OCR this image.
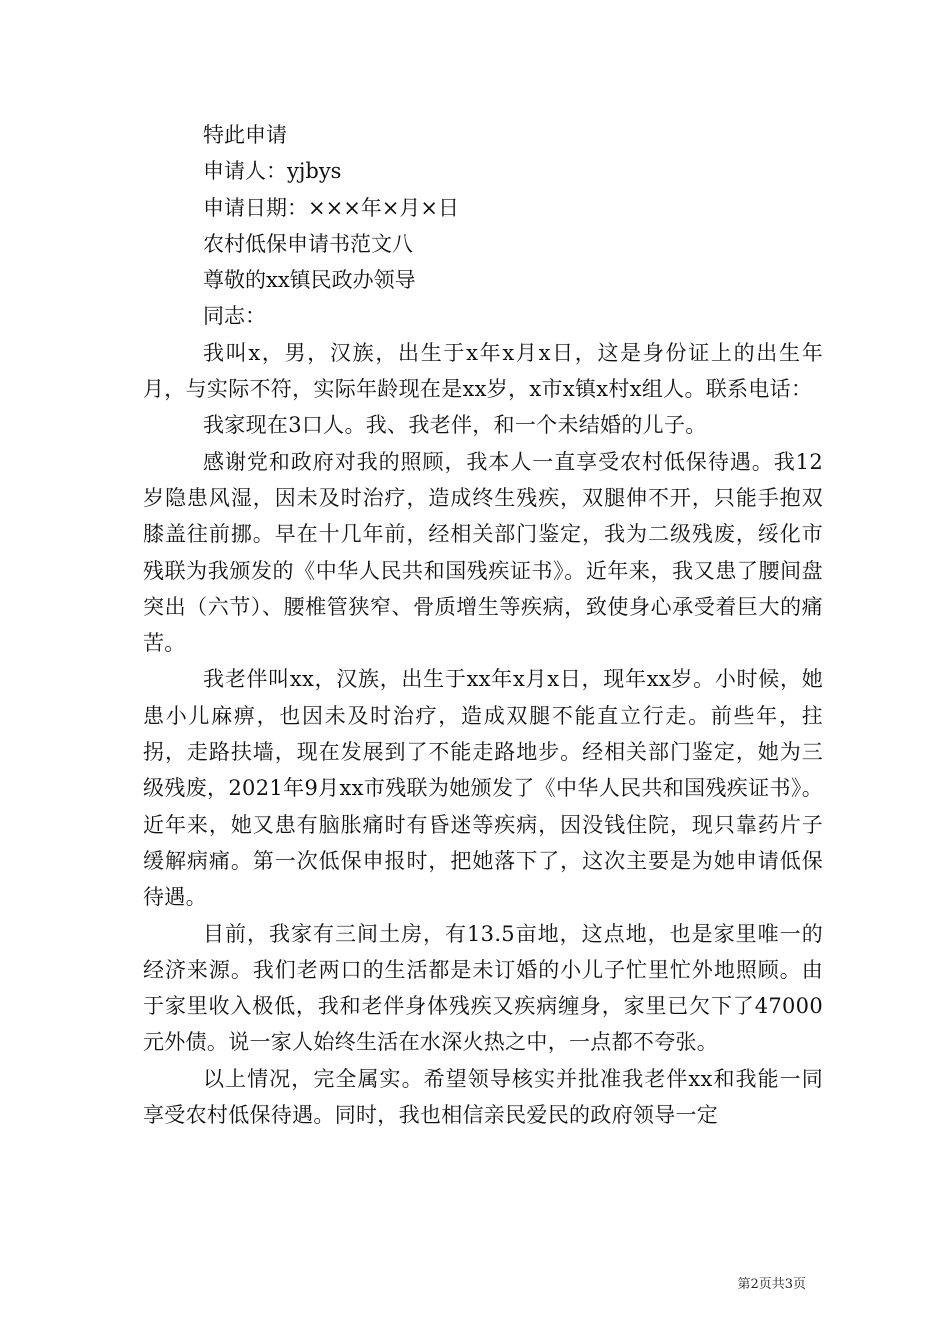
特此申请

申请人：yjbys

申请日期：×××年×月×日

农村低保申请书范文八

尊敬的xx镇民政办领导

同志：

我叫x，男，汉族，出生于x年x月x日，这是身份证上的出生年月，与实际不符，实际年龄现在是xx岁，x市x镇x村x组人。联系电话：

我家现在3口人。我、我老伴，和一个未结婚的儿子。

感谢党和政府对我的照顾，我本人一直享受农村低保待遇。我12岁隐患风湿，因未及时治疗，造成终生残疾，双腿伸不开，只能手抱双膝盖往前挪。早在十几年前，经相关部门鉴定，我为二级残废，绥化市残联为我颁发的《中华人民共和国残疾证书》。近年来，我又患了腰间盘突出（六节）、腰椎管狭窄、骨质增生等疾病，致使身心承受着巨大的痛苦。

我老伴叫xx，汉族，出生于xx年x月x日，现年xx岁。小时候，她患小儿麻痹，也因未及时治疗，造成双腿不能直立行走。前些年，拄拐，走路扶墙，现在发展到了不能走路地步。经相关部门鉴定，她为三级残废，2021年9月xx市残联为她颁发了《中华人民共和国残疾证书》。近年来，她又患有脑胀痛时有昏迷等疾病，因没钱住院，现只靠药片子缓解病痛。第一次低保申报时，把她落下了，这次主要是为她申请低保待遇。

目前，我家有三间土房，有13.5亩地，这点地，也是家里唯一的经济来源。我们老两口的生活都是未订婚的小儿子忙里忙外地照顾。由于家里收入极低，我和老伴身体残疾又疾病缠身，家里已欠下了47000元外债。说一家人始终生活在水深火热之中，一点都不夸张。

以上情况，完全属实。希望领导核实并批准我老伴xx和我能一同享受农村低保待遇。同时，我也相信亲民爱民的政府领导一定

第2页共3页
